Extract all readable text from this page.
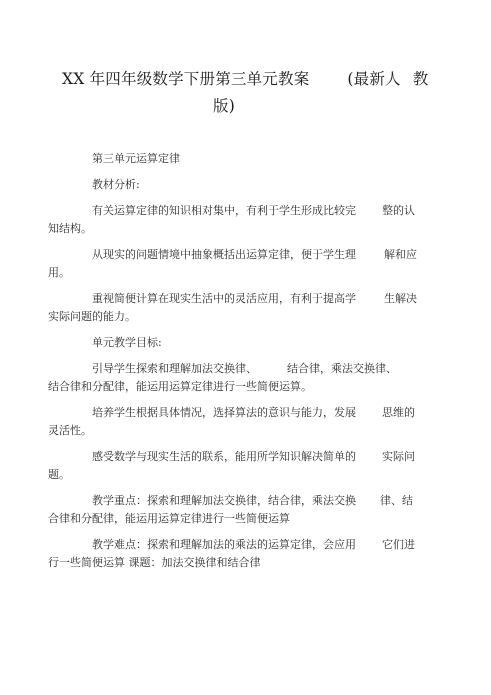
XX 年四年级数学下册第三单元教案 (最新人 教
版)

第三单元运算定律

教材分析:

有关运算定律的知识相对集中，有利于学生形成比较完 整的认
知结构。

从现实的问题情境中抽象概括出运算定律，便于学生理	解和应
用。

重视简便计算在现实生活中的灵活应用，有利于提高学	生解决
实际问题的能力。

单元教学目标:

引导学生探索和理解加法交换律、	结合律，乘法交换律、
结合律和分配律，能运用运算定律进行一些简便运算。

培养学生根据具体情况，选择算法的意识与能力，发展 思维的
灵活性。

感受数学与现实生活的联系，能用所学知识解决简单的 实际问
题。

教学重点：探索和理解加法交换律，结合律，乘法交换 律、结
合律和分配律，能运用运算定律进行一些简便运算

教学难点：探索和理解加法的乘法的运算定律，会应用 它们进
行一些简便运算 课题：加法交换律和结合律
